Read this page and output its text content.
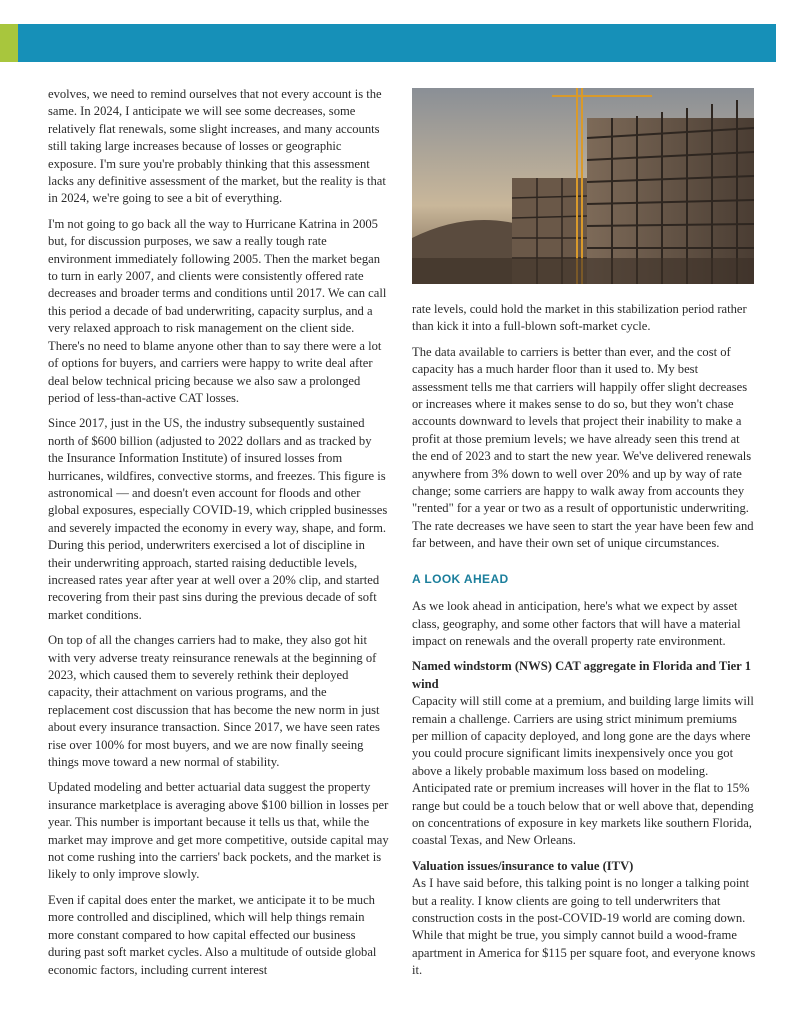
evolves, we need to remind ourselves that not every account is the same. In 2024, I anticipate we will see some decreases, some relatively flat renewals, some slight increases, and many accounts still taking large increases because of losses or geographic exposure. I'm sure you're probably thinking that this assessment lacks any definitive assessment of the market, but the reality is that in 2024, we're going to see a bit of everything.

I'm not going to go back all the way to Hurricane Katrina in 2005 but, for discussion purposes, we saw a really tough rate environment immediately following 2005. Then the market began to turn in early 2007, and clients were consistently offered rate decreases and broader terms and conditions until 2017. We can call this period a decade of bad underwriting, capacity surplus, and a very relaxed approach to risk management on the client side. There's no need to blame anyone other than to say there were a lot of options for buyers, and carriers were happy to write deal after deal below technical pricing because we also saw a prolonged period of less-than-active CAT losses.

Since 2017, just in the US, the industry subsequently sustained north of $600 billion (adjusted to 2022 dollars and as tracked by the Insurance Information Institute) of insured losses from hurricanes, wildfires, convective storms, and freezes. This figure is astronomical — and doesn't even account for floods and other global exposures, especially COVID-19, which crippled businesses and severely impacted the economy in every way, shape, and form. During this period, underwriters exercised a lot of discipline in their underwriting approach, started raising deductible levels, increased rates year after year at well over a 20% clip, and started recovering from their past sins during the previous decade of soft market conditions.

On top of all the changes carriers had to make, they also got hit with very adverse treaty reinsurance renewals at the beginning of 2023, which caused them to severely rethink their deployed capacity, their attachment on various programs, and the replacement cost discussion that has become the new norm in just about every insurance transaction. Since 2017, we have seen rates rise over 100% for most buyers, and we are now finally seeing things move toward a new normal of stability.

Updated modeling and better actuarial data suggest the property insurance marketplace is averaging above $100 billion in losses per year. This number is important because it tells us that, while the market may improve and get more competitive, outside capital may not come rushing into the carriers' back pockets, and the market is likely to only improve slowly.

Even if capital does enter the market, we anticipate it to be much more controlled and disciplined, which will help things remain more constant compared to how capital effected our business during past soft market cycles. Also a multitude of outside global economic factors, including current interest

rate levels, could hold the market in this stabilization period rather than kick it into a full-blown soft-market cycle.

The data available to carriers is better than ever, and the cost of capacity has a much harder floor than it used to. My best assessment tells me that carriers will happily offer slight decreases or increases where it makes sense to do so, but they won't chase accounts downward to levels that project their inability to make a profit at those premium levels; we have already seen this trend at the end of 2023 and to start the new year. We've delivered renewals anywhere from 3% down to well over 20% and up by way of rate change; some carriers are happy to walk away from accounts they "rented" for a year or two as a result of opportunistic underwriting. The rate decreases we have seen to start the year have been few and far between, and have their own set of unique circumstances.

A LOOK AHEAD

As we look ahead in anticipation, here's what we expect by asset class, geography, and some other factors that will have a material impact on renewals and the overall property rate environment.

Named windstorm (NWS) CAT aggregate in Florida and Tier 1 wind
Capacity will still come at a premium, and building large limits will remain a challenge. Carriers are using strict minimum premiums per million of capacity deployed, and long gone are the days where you could procure significant limits inexpensively once you got above a likely probable maximum loss based on modeling. Anticipated rate or premium increases will hover in the flat to 15% range but could be a touch below that or well above that, depending on concentrations of exposure in key markets like southern Florida, coastal Texas, and New Orleans.
Valuation issues/insurance to value (ITV)
As I have said before, this talking point is no longer a talking point but a reality. I know clients are going to tell underwriters that construction costs in the post-COVID-19 world are coming down. While that might be true, you simply cannot build a wood-frame apartment in America for $115 per square foot, and everyone knows it.
